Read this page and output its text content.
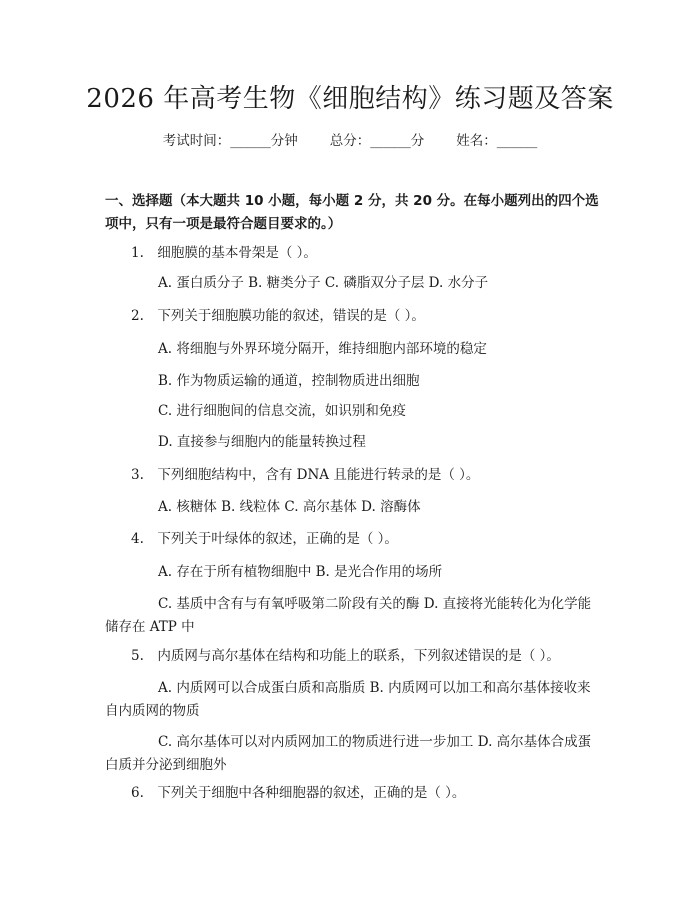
2026 年高考生物《细胞结构》练习题及答案
考试时间：______分钟 总分：______分 姓名：______
一、选择题（本大题共 10 小题，每小题 2 分，共 20 分。在每小题列出的四个选项中，只有一项是最符合题目要求的。）
1.　细胞膜的基本骨架是（ ）。
A. 蛋白质分子 B. 糖类分子 C. 磷脂双分子层 D. 水分子
2.　下列关于细胞膜功能的叙述，错误的是（ ）。
A. 将细胞与外界环境分隔开，维持细胞内部环境的稳定
B. 作为物质运输的通道，控制物质进出细胞
C. 进行细胞间的信息交流，如识别和免疫
D. 直接参与细胞内的能量转换过程
3.　下列细胞结构中，含有 DNA 且能进行转录的是（ ）。
A. 核糖体 B. 线粒体 C. 高尔基体 D. 溶酶体
4.　下列关于叶绿体的叙述，正确的是（ ）。
A. 存在于所有植物细胞中 B. 是光合作用的场所
C. 基质中含有与有氧呼吸第二阶段有关的酶 D. 直接将光能转化为化学能储存在 ATP 中
5.　内质网与高尔基体在结构和功能上的联系，下列叙述错误的是（ ）。
A. 内质网可以合成蛋白质和高脂质 B. 内质网可以加工和高尔基体接收来自内质网的物质
C. 高尔基体可以对内质网加工的物质进行进一步加工 D. 高尔基体合成蛋白质并分泌到细胞外
6.　下列关于细胞中各种细胞器的叙述，正确的是（ ）。
